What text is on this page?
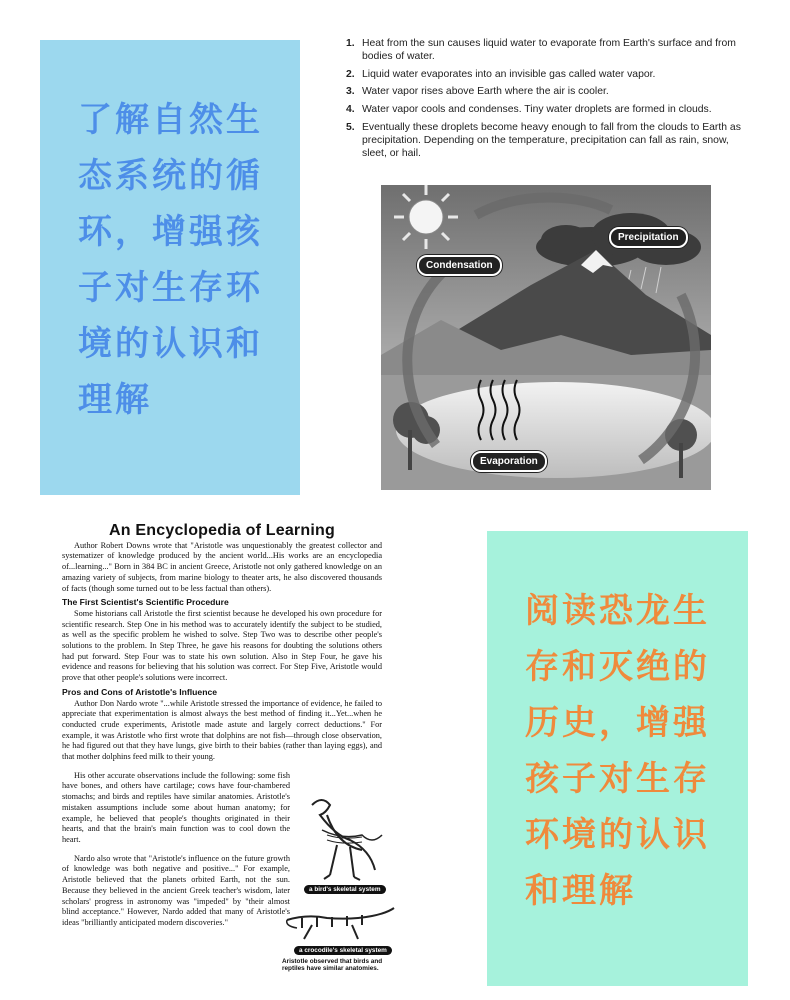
了解自然生
态系统的循
环，增强孩
子对生存环
境的认识和
理解
1. Heat from the sun causes liquid water to evaporate from Earth's surface and from bodies of water.
2. Liquid water evaporates into an invisible gas called water vapor.
3. Water vapor rises above Earth where the air is cooler.
4. Water vapor cools and condenses. Tiny water droplets are formed in clouds.
5. Eventually these droplets become heavy enough to fall from the clouds to Earth as precipitation. Depending on the temperature, precipitation can fall as rain, snow, sleet, or hail.
Condensation
Precipitation
Evaporation
An Encyclopedia of Learning

Author Robert Downs wrote that "Aristotle was unquestionably the greatest collector and systematizer of knowledge produced by the ancient world...His works are an encyclopedia of...learning..." Born in 384 BC in ancient Greece, Aristotle not only gathered knowledge on an amazing variety of subjects, from marine biology to theater arts, he also discovered thousands of facts (though some turned out to be less factual than others).

The First Scientist's Scientific Procedure

Some historians call Aristotle the first scientist because he developed his own procedure for scientific research. Step One in his method was to accurately identify the subject to be studied, as well as the specific problem he wished to solve. Step Two was to describe other people's solutions to the problem. In Step Three, he gave his reasons for doubting the solutions others had put forward. Step Four was to state his own solution. Also in Step Four, he gave his evidence and reasons for believing that his solution was correct. For Step Five, Aristotle would prove that other people's solutions were incorrect.

Pros and Cons of Aristotle's Influence

Author Don Nardo wrote "...while Aristotle stressed the importance of evidence, he failed to appreciate that experimentation is almost always the best method of finding it...Yet...when he conducted crude experiments, Aristotle made astute and largely correct deductions." For example, it was Aristotle who first wrote that dolphins are not fish—through close observation, he had figured out that they have lungs, give birth to their babies (rather than laying eggs), and that mother dolphins feed milk to their young.

His other accurate observations include the following: some fish have bones, and others have cartilage; cows have four-chambered stomachs; and birds and reptiles have similar anatomies. Aristotle's mistaken assumptions include some about human anatomy; for example, he believed that people's thoughts originated in their hearts, and that the brain's main function was to cool down the heart.

Nardo also wrote that "Aristotle's influence on the future growth of knowledge was both negative and positive..." For example, Aristotle believed that the planets orbited Earth, not the sun. Because they believed in the ancient Greek teacher's wisdom, later scholars' progress in astronomy was "impeded" by "their almost blind acceptance." However, Nardo added that many of Aristotle's ideas "brilliantly anticipated modern discoveries."

a bird's skeletal system
a crocodile's skeletal system
Aristotle observed that birds and reptiles have similar anatomies.
阅读恐龙生
存和灭绝的
历史，增强
孩子对生存
环境的认识
和理解
